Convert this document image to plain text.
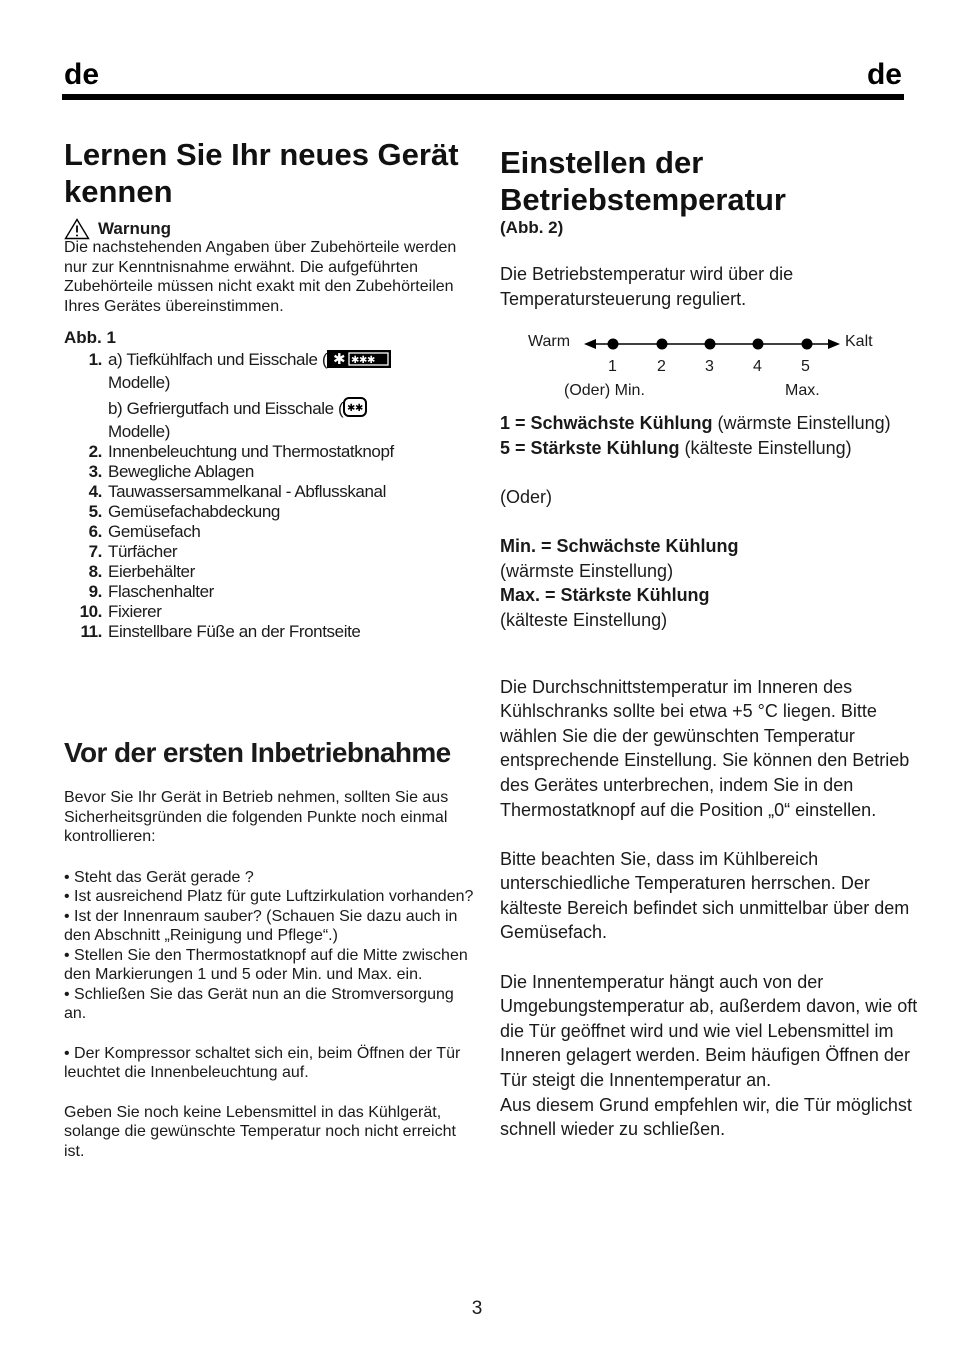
de	de
Lernen Sie Ihr neues Gerät kennen
Warnung

Die nachstehenden Angaben über Zubehörteile werden nur zur Kenntnisnahme erwähnt. Die aufgeführten Zubehörteile müssen nicht exakt mit den Zubehörteilen Ihres Gerätes übereinstimmen.

Abb. 1
1. a) Tiefkühlfach und Eisschale ( ✱ ✱✱✱

Modelle)
b) Gefriergutfach und Eisschale ( ✱✱

Modelle)
2. Innenbeleuchtung und Thermostatknopf
3. Bewegliche Ablagen
4. Tauwassersammelkanal - Abflusskanal
5. Gemüsefachabdeckung
6. Gemüsefach
7. Türfächer
8. Eierbehälter
9. Flaschenhalter
10. Fixierer
11. Einstellbare Füße an der Frontseite
Vor der ersten Inbetriebnahme

Bevor Sie Ihr Gerät in Betrieb nehmen, sollten Sie aus Sicherheitsgründen die folgenden Punkte noch einmal kontrollieren:

• Steht das Gerät gerade ?

• Ist ausreichend Platz für gute Luftzirkulation vorhanden?

• Ist der Innenraum sauber? (Schauen Sie dazu auch in den Abschnitt „Reinigung und Pflege“.)

• Stellen Sie den Thermostatknopf auf die Mitte zwischen den Markierungen 1 und 5 oder Min. und Max. ein.

• Schließen Sie das Gerät nun an die Stromversorgung an.

• Der Kompressor schaltet sich ein, beim Öffnen der Tür leuchtet die Innenbeleuchtung auf.

Geben Sie noch keine Lebensmittel in das Kühlgerät, solange die gewünschte Temperatur noch nicht erreicht ist.

Einstellen der
Betriebstemperatur
(Abb. 2)

Die Betriebstemperatur wird über die Temperatursteuerung reguliert.

Warm	Kalt
1	2 3 4 5
(Oder) Min.	Max.

1 = Schwächste Kühlung (wärmste Einstellung)

5 = Stärkste Kühlung (kälteste Einstellung)

(Oder)

Min. = Schwächste Kühlung

(wärmste Einstellung)

Max. = Stärkste Kühlung

(kälteste Einstellung)

Die Durchschnittstemperatur im Inneren des Kühlschranks sollte bei etwa +5 °C liegen. Bitte wählen Sie die der gewünschten Temperatur entsprechende Einstellung. Sie können den Betrieb des Gerätes unterbrechen, indem Sie in den Thermostatknopf auf die Position „0“ einstellen.

Bitte beachten Sie, dass im Kühlbereich unterschiedliche Temperaturen herrschen. Der kälteste Bereich befindet sich unmittelbar über dem Gemüsefach.

Die Innentemperatur hängt auch von der Umgebungstemperatur ab, außerdem davon, wie oft die Tür geöffnet wird und wie viel Lebensmittel im Inneren gelagert werden. Beim häufigen Öffnen der Tür steigt die Innentemperatur an.

Aus diesem Grund empfehlen wir, die Tür möglichst schnell wieder zu schließen.

3
